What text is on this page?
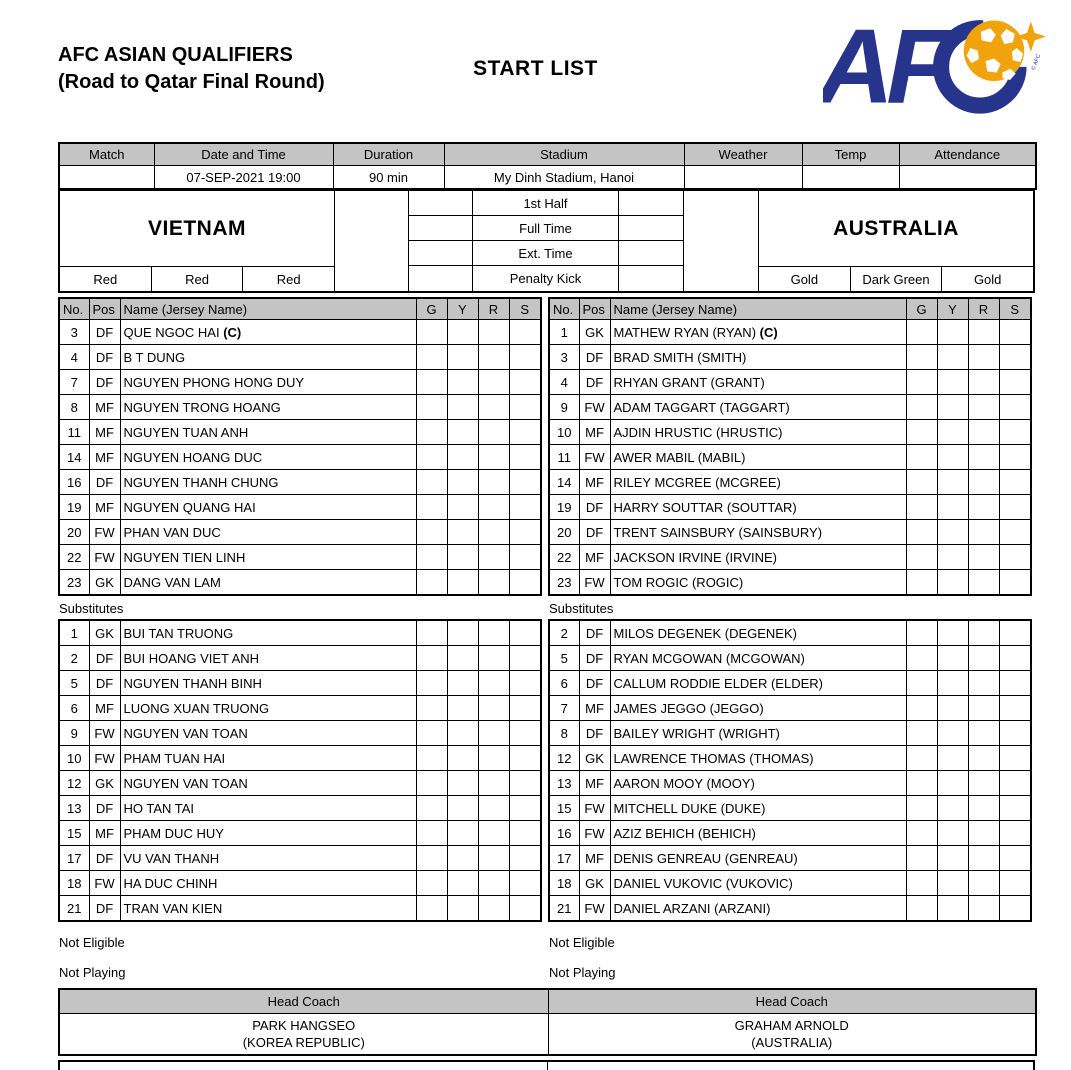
AFC ASIAN QUALIFIERS
(Road to Qatar Final Round)
START LIST	AF	© AFC
Match	Date and Time	Duration	Stadium	Weather	Temp	Attendance
	07-SEP-2021 19:00	90 min	My Dinh Stadium, Hanoi			
VIETNAM
Red	Red	Red
1st Half
Full Time
Ext. Time
Penalty Kick
AUSTRALIA
Gold	Dark Green	Gold
No.	Pos	Name (Jersey Name)	G	Y	R	S
3	DF	QUE NGOC HAI (C)				
4	DF	B T DUNG				
7	DF	NGUYEN PHONG HONG DUY				
8	MF	NGUYEN TRONG HOANG				
11	MF	NGUYEN TUAN ANH				
14	MF	NGUYEN HOANG DUC				
16	DF	NGUYEN THANH CHUNG				
19	MF	NGUYEN QUANG HAI				
20	FW	PHAN VAN DUC				
22	FW	NGUYEN TIEN LINH				
23	GK	DANG VAN LAM				
Substitutes
1	GK	BUI TAN TRUONG				
2	DF	BUI HOANG VIET ANH				
5	DF	NGUYEN THANH BINH				
6	MF	LUONG XUAN TRUONG				
9	FW	NGUYEN VAN TOAN				
10	FW	PHAM TUAN HAI				
12	GK	NGUYEN VAN TOAN				
13	DF	HO TAN TAI				
15	MF	PHAM DUC HUY				
17	DF	VU VAN THANH				
18	FW	HA DUC CHINH				
21	DF	TRAN VAN KIEN				
Not Eligible
Not Playing
No.	Pos	Name (Jersey Name)	G	Y	R	S
1	GK	MATHEW RYAN (RYAN) (C)				
3	DF	BRAD SMITH (SMITH)				
4	DF	RHYAN GRANT (GRANT)				
9	FW	ADAM TAGGART (TAGGART)				
10	MF	AJDIN HRUSTIC (HRUSTIC)				
11	FW	AWER MABIL (MABIL)				
14	MF	RILEY MCGREE (MCGREE)				
19	DF	HARRY SOUTTAR (SOUTTAR)				
20	DF	TRENT SAINSBURY (SAINSBURY)				
22	MF	JACKSON IRVINE (IRVINE)				
23	FW	TOM ROGIC (ROGIC)				
Substitutes
2	DF	MILOS DEGENEK (DEGENEK)				
5	DF	RYAN MCGOWAN (MCGOWAN)				
6	DF	CALLUM RODDIE ELDER (ELDER)				
7	MF	JAMES JEGGO (JEGGO)				
8	DF	BAILEY WRIGHT (WRIGHT)				
12	GK	LAWRENCE THOMAS (THOMAS)				
13	MF	AARON MOOY (MOOY)				
15	FW	MITCHELL DUKE (DUKE)				
16	FW	AZIZ BEHICH (BEHICH)				
17	MF	DENIS GENREAU (GENREAU)				
18	GK	DANIEL VUKOVIC (VUKOVIC)				
21	FW	DANIEL ARZANI (ARZANI)				
Not Eligible
Not Playing
Head Coach	Head Coach

PARK HANGSEO
(KOREA REPUBLIC)

GRAHAM ARNOLD
(AUSTRALIA)
